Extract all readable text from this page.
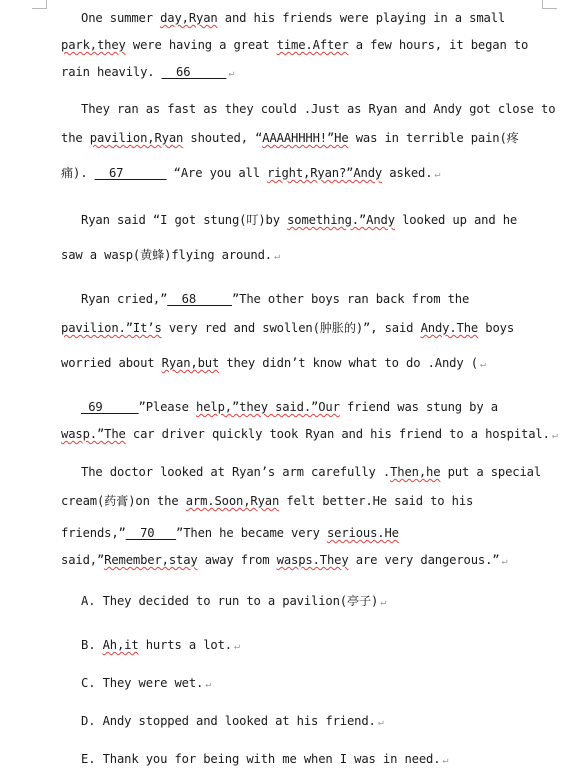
One summer day,Ryan and his friends were playing in a small
park,they were having a great time.After a few hours, it began to
rain heavily. __66_____ ↵
They ran as fast as they could .Just as Ryan and Andy got close to
the pavilion,Ryan shouted, “AAAAHHHH!”He was in terrible pain(疼
痛). __67______ “Are you all right,Ryan?”Andy asked. ↵
Ryan said “I got stung(叮)by something.”Andy looked up and he
saw a wasp(黄蜂)flying around. ↵
Ryan cried,”__68_____”The other boys ran back from the
pavilion.”It’s very red and swollen(肿胀的)”, said Andy.The boys
worried about Ryan,but they didn’t know what to do .Andy ( ↵
_69_____”Please help,”they said.”Our friend was stung by a
wasp.”The car driver quickly took Ryan and his friend to a hospital. ↵
The doctor looked at Ryan’s arm carefully .Then,he put a special
cream(药膏)on the arm.Soon,Ryan felt better.He said to his
friends,”__70___”Then he became very serious.He
said,”Remember,stay away from wasps.They are very dangerous.” ↵
A. They decided to run to a pavilion(亭子) ↵
B. Ah,it hurts a lot. ↵
C. They were wet. ↵
D. Andy stopped and looked at his friend. ↵
E. Thank you for being with me when I was in need. ↵
